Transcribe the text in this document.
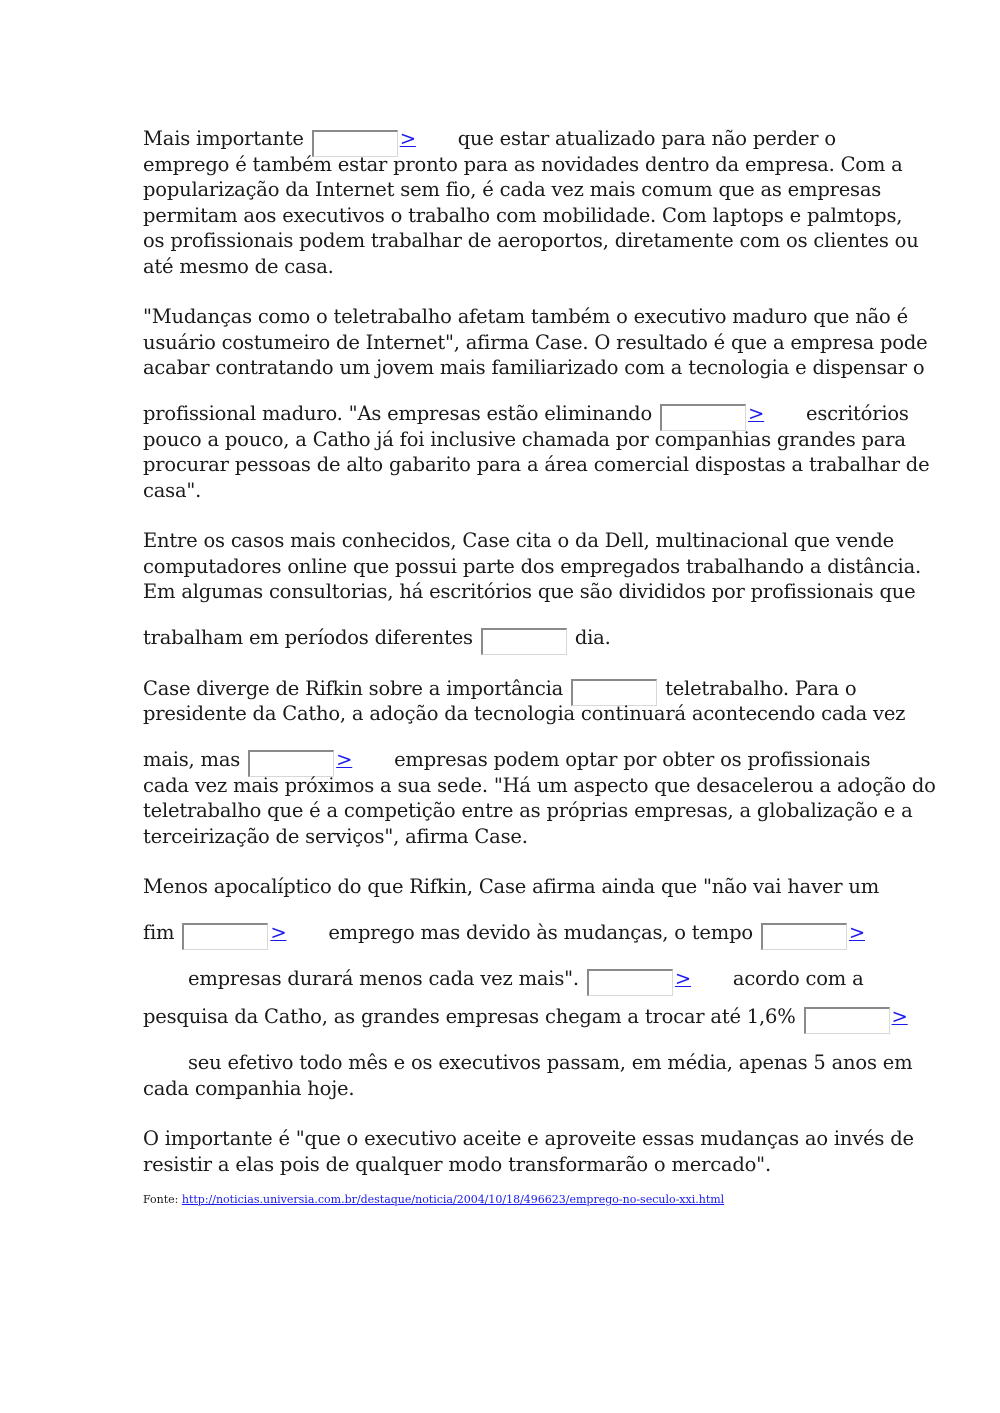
Mais importante	> que estar atualizado para não perder o
emprego é também estar pronto para as novidades dentro da empresa. Com a
popularização da Internet sem fio, é cada vez mais comum que as empresas
permitam aos executivos o trabalho com mobilidade. Com laptops e palmtops,
os profissionais podem trabalhar de aeroportos, diretamente com os clientes ou
até mesmo de casa.
"Mudanças como o teletrabalho afetam também o executivo maduro que não é
usuário costumeiro de Internet", afirma Case. O resultado é que a empresa pode
acabar contratando um jovem mais familiarizado com a tecnologia e dispensar o
profissional maduro. "As empresas estão eliminando	> escritórios
pouco a pouco, a Catho já foi inclusive chamada por companhias grandes para
procurar pessoas de alto gabarito para a área comercial dispostas a trabalhar de
casa".
Entre os casos mais conhecidos, Case cita o da Dell, multinacional que vende
computadores online que possui parte dos empregados trabalhando a distância.
Em algumas consultorias, há escritórios que são divididos por profissionais que
trabalham em períodos diferentes	dia.
Case diverge de Rifkin sobre a importância	teletrabalho. Para o
presidente da Catho, a adoção da tecnologia continuará acontecendo cada vez
mais, mas	> empresas podem optar por obter os profissionais
cada vez mais próximos a sua sede. "Há um aspecto que desacelerou a adoção do
teletrabalho que é a competição entre as próprias empresas, a globalização e a
terceirização de serviços", afirma Case.
Menos apocalíptico do que Rifkin, Case afirma ainda que "não vai haver um
fim	> emprego mas devido às mudanças, o tempo	>
empresas durará menos cada vez mais".	> acordo com a
pesquisa da Catho, as grandes empresas chegam a trocar até 1,6%	>
seu efetivo todo mês e os executivos passam, em média, apenas 5 anos em
cada companhia hoje.
O importante é "que o executivo aceite e aproveite essas mudanças ao invés de
resistir a elas pois de qualquer modo transformarão o mercado".
Fonte: http://noticias.universia.com.br/destaque/noticia/2004/10/18/496623/emprego-no-seculo-xxi.html
